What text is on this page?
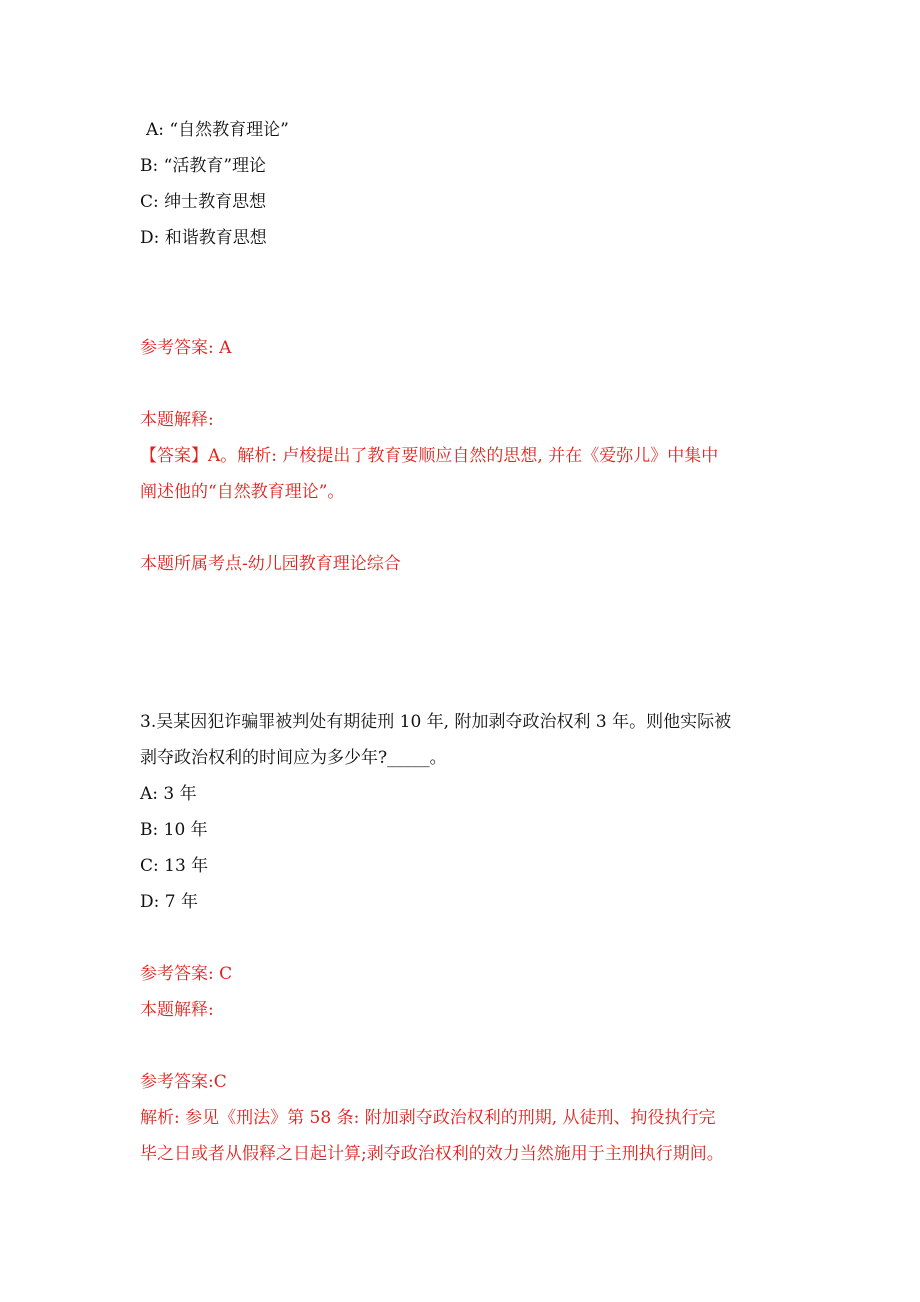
A: “自然教育理论”
B: “活教育”理论
C: 绅士教育思想
D: 和谐教育思想
参考答案: A
本题解释:
【答案】A。解析: 卢梭提出了教育要顺应自然的思想, 并在《爱弥儿》中集中
阐述他的“自然教育理论”。
本题所属考点-幼儿园教育理论综合
3.吴某因犯诈骗罪被判处有期徒刑 10 年, 附加剥夺政治权利 3 年。则他实际被
剥夺政治权利的时间应为多少年?_____。
A: 3 年
B: 10 年
C: 13 年
D: 7 年
参考答案: C
本题解释:
参考答案:C
解析: 参见《刑法》第 58 条: 附加剥夺政治权利的刑期, 从徒刑、拘役执行完
毕之日或者从假释之日起计算;剥夺政治权利的效力当然施用于主刑执行期间。
